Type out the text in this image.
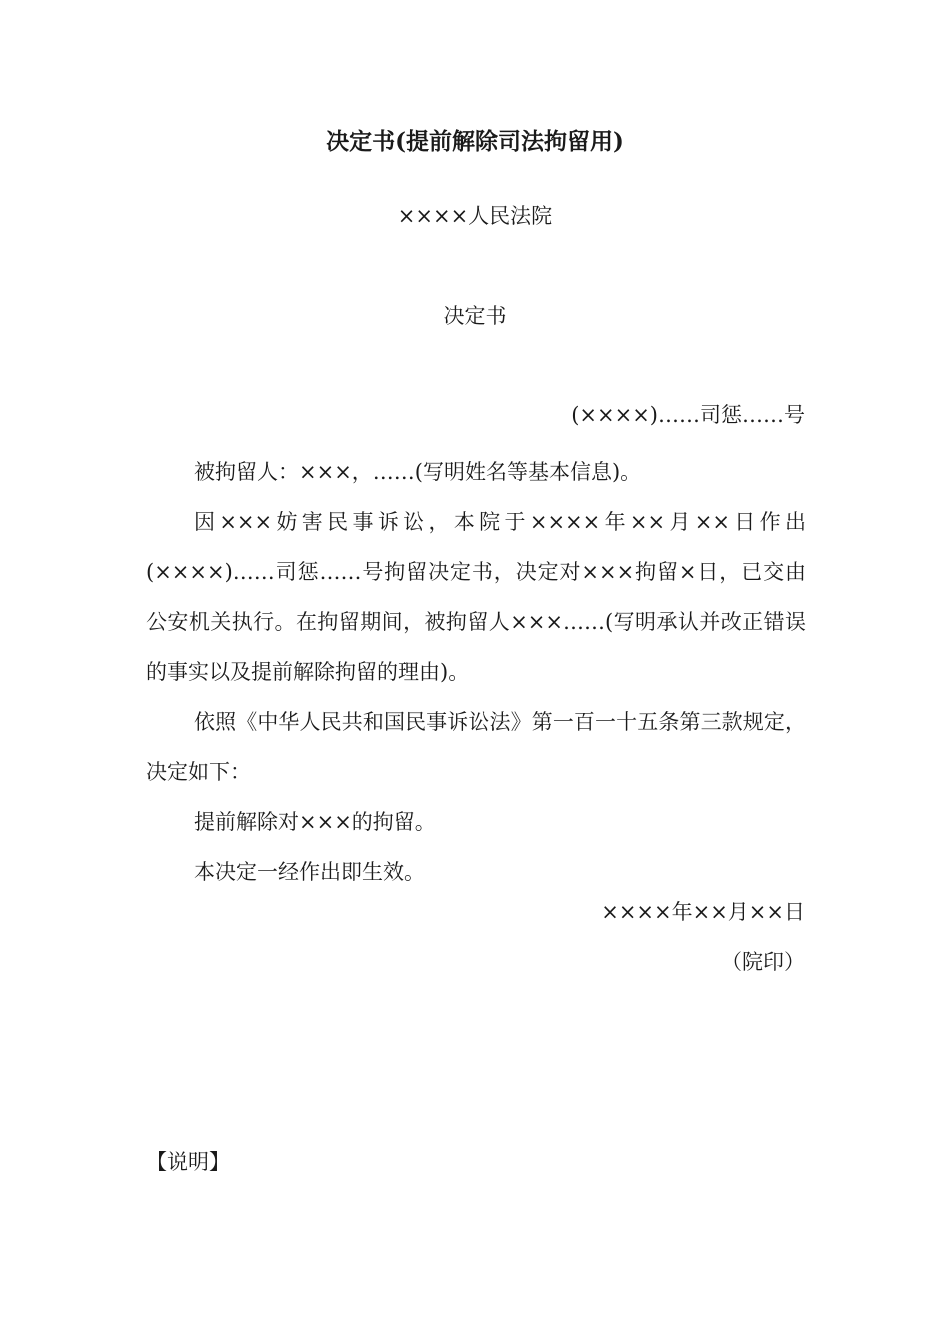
决定书(提前解除司法拘留用)
××××人民法院
决定书
(××××)……司惩……号

被拘留人：×××，……(写明姓名等基本信息)。

因×××妨害民事诉讼，本院于××××年××月××日作出(××××)……司惩……号拘留决定书，决定对×××拘留×日，已交由公安机关执行。在拘留期间，被拘留人×××……(写明承认并改正错误的事实以及提前解除拘留的理由)。

依照《中华人民共和国民事诉讼法》第一百一十五条第三款规定，决定如下：

提前解除对×××的拘留。

本决定一经作出即生效。

××××年××月××日
（院印）
【说明】
